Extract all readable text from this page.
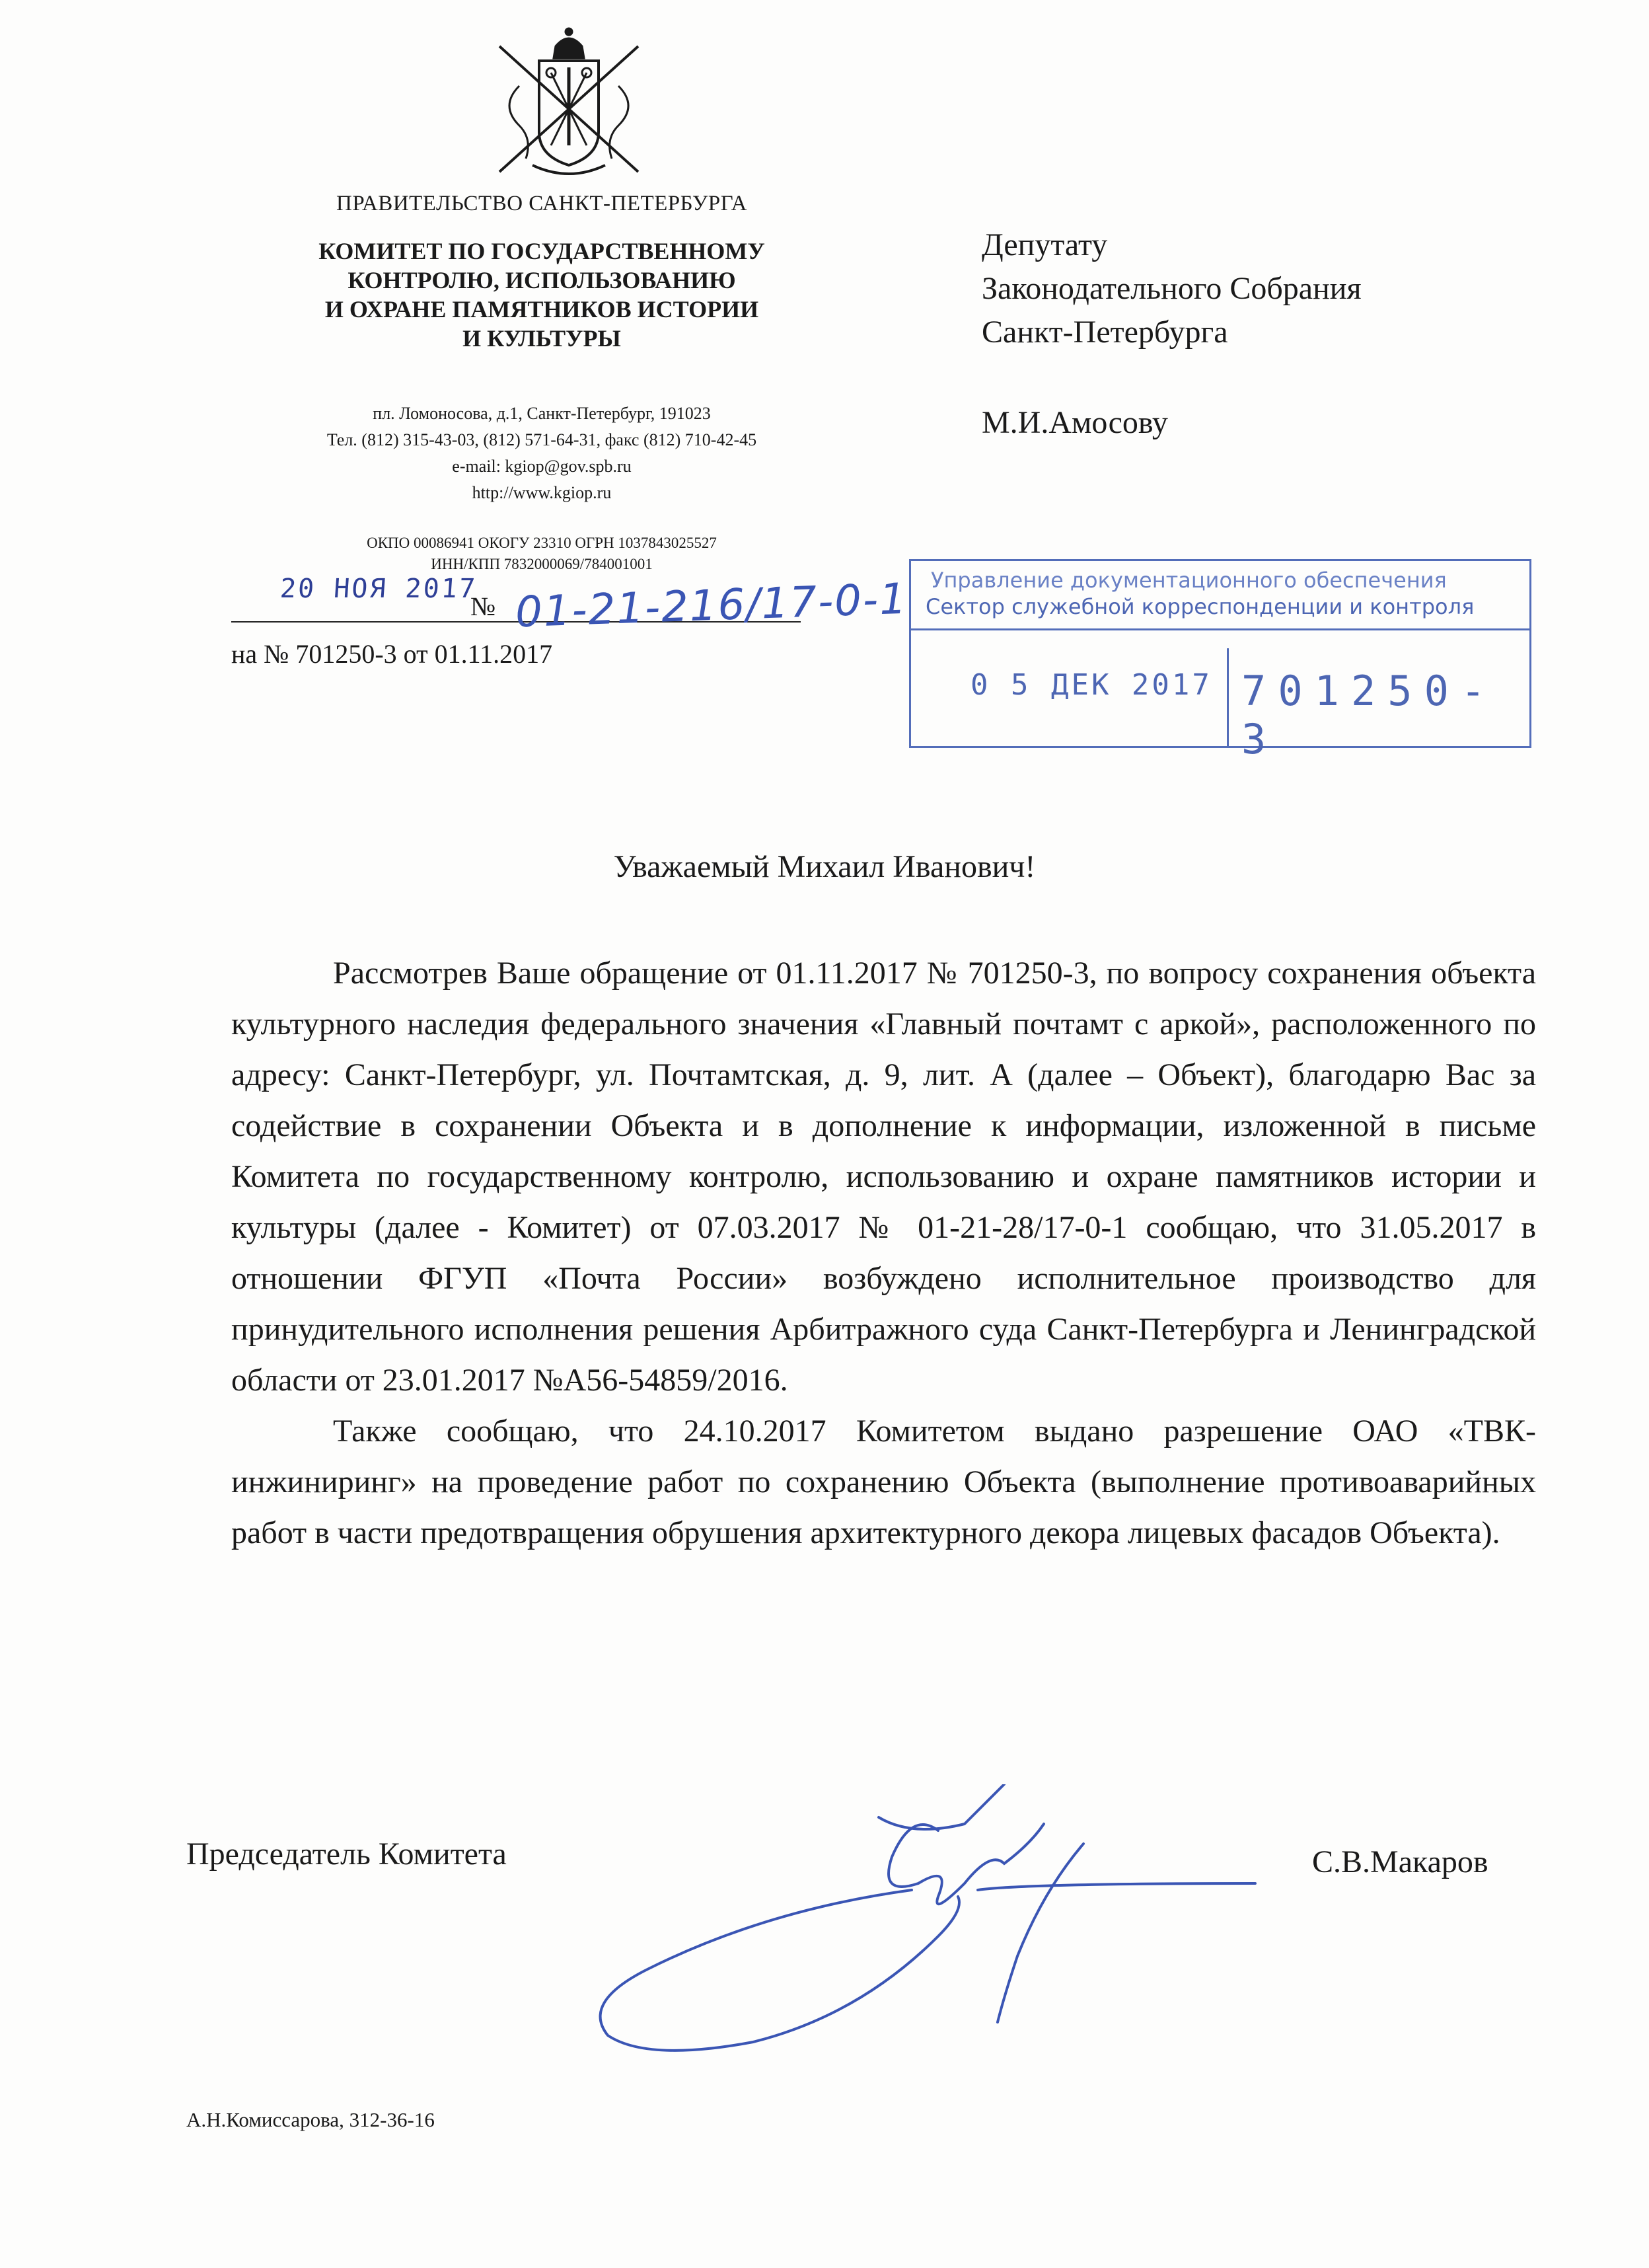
ПРАВИТЕЛЬСТВО САНКТ-ПЕТЕРБУРГА
КОМИТЕТ ПО ГОСУДАРСТВЕННОМУ
КОНТРОЛЮ, ИСПОЛЬЗОВАНИЮ
И ОХРАНЕ ПАМЯТНИКОВ ИСТОРИИ
И КУЛЬТУРЫ
пл. Ломоносова, д.1, Санкт-Петербург, 191023
Тел. (812) 315-43-03, (812) 571-64-31, факс (812) 710-42-45
e-mail: kgiop@gov.spb.ru
http://www.kgiop.ru
ОКПО 00086941 ОКОГУ 23310 ОГРН 1037843025527
ИНН/КПП 7832000069/784001001
20 НОЯ 2017
№ 01-21-216/17-0-1
на № 701250-3 от 01.11.2017
Депутату
Законодательного Собрания
Санкт-Петербурга
М.И.Амосову
Управление документационного обеспечения
Сектор служебной корреспонденции и контроля
0 5 ДЕК 2017 701250-3
Уважаемый Михаил Иванович!

Рассмотрев Ваше обращение от 01.11.2017 № 701250-3, по вопросу сохранения объекта культурного наследия федерального значения «Главный почтамт с аркой», расположенного по адресу: Санкт-Петербург, ул. Почтамтская, д. 9, лит. А (далее – Объект), благодарю Вас за содействие в сохранении Объекта и в дополнение к информации, изложенной в письме Комитета по государственному контролю, использованию и охране памятников истории и культуры (далее - Комитет) от 07.03.2017 № 01-21-28/17-0-1 сообщаю, что 31.05.2017 в отношении ФГУП «Почта России» возбуждено исполнительное производство для принудительного исполнения решения Арбитражного суда Санкт-Петербурга и Ленинградской области от 23.01.2017 №А56-54859/2016.

Также сообщаю, что 24.10.2017 Комитетом выдано разрешение ОАО «ТВК-инжиниринг» на проведение работ по сохранению Объекта (выполнение противоаварийных работ в части предотвращения обрушения архитектурного декора лицевых фасадов Объекта).

Председатель Комитета	С.В.Макаров
А.Н.Комиссарова, 312-36-16
